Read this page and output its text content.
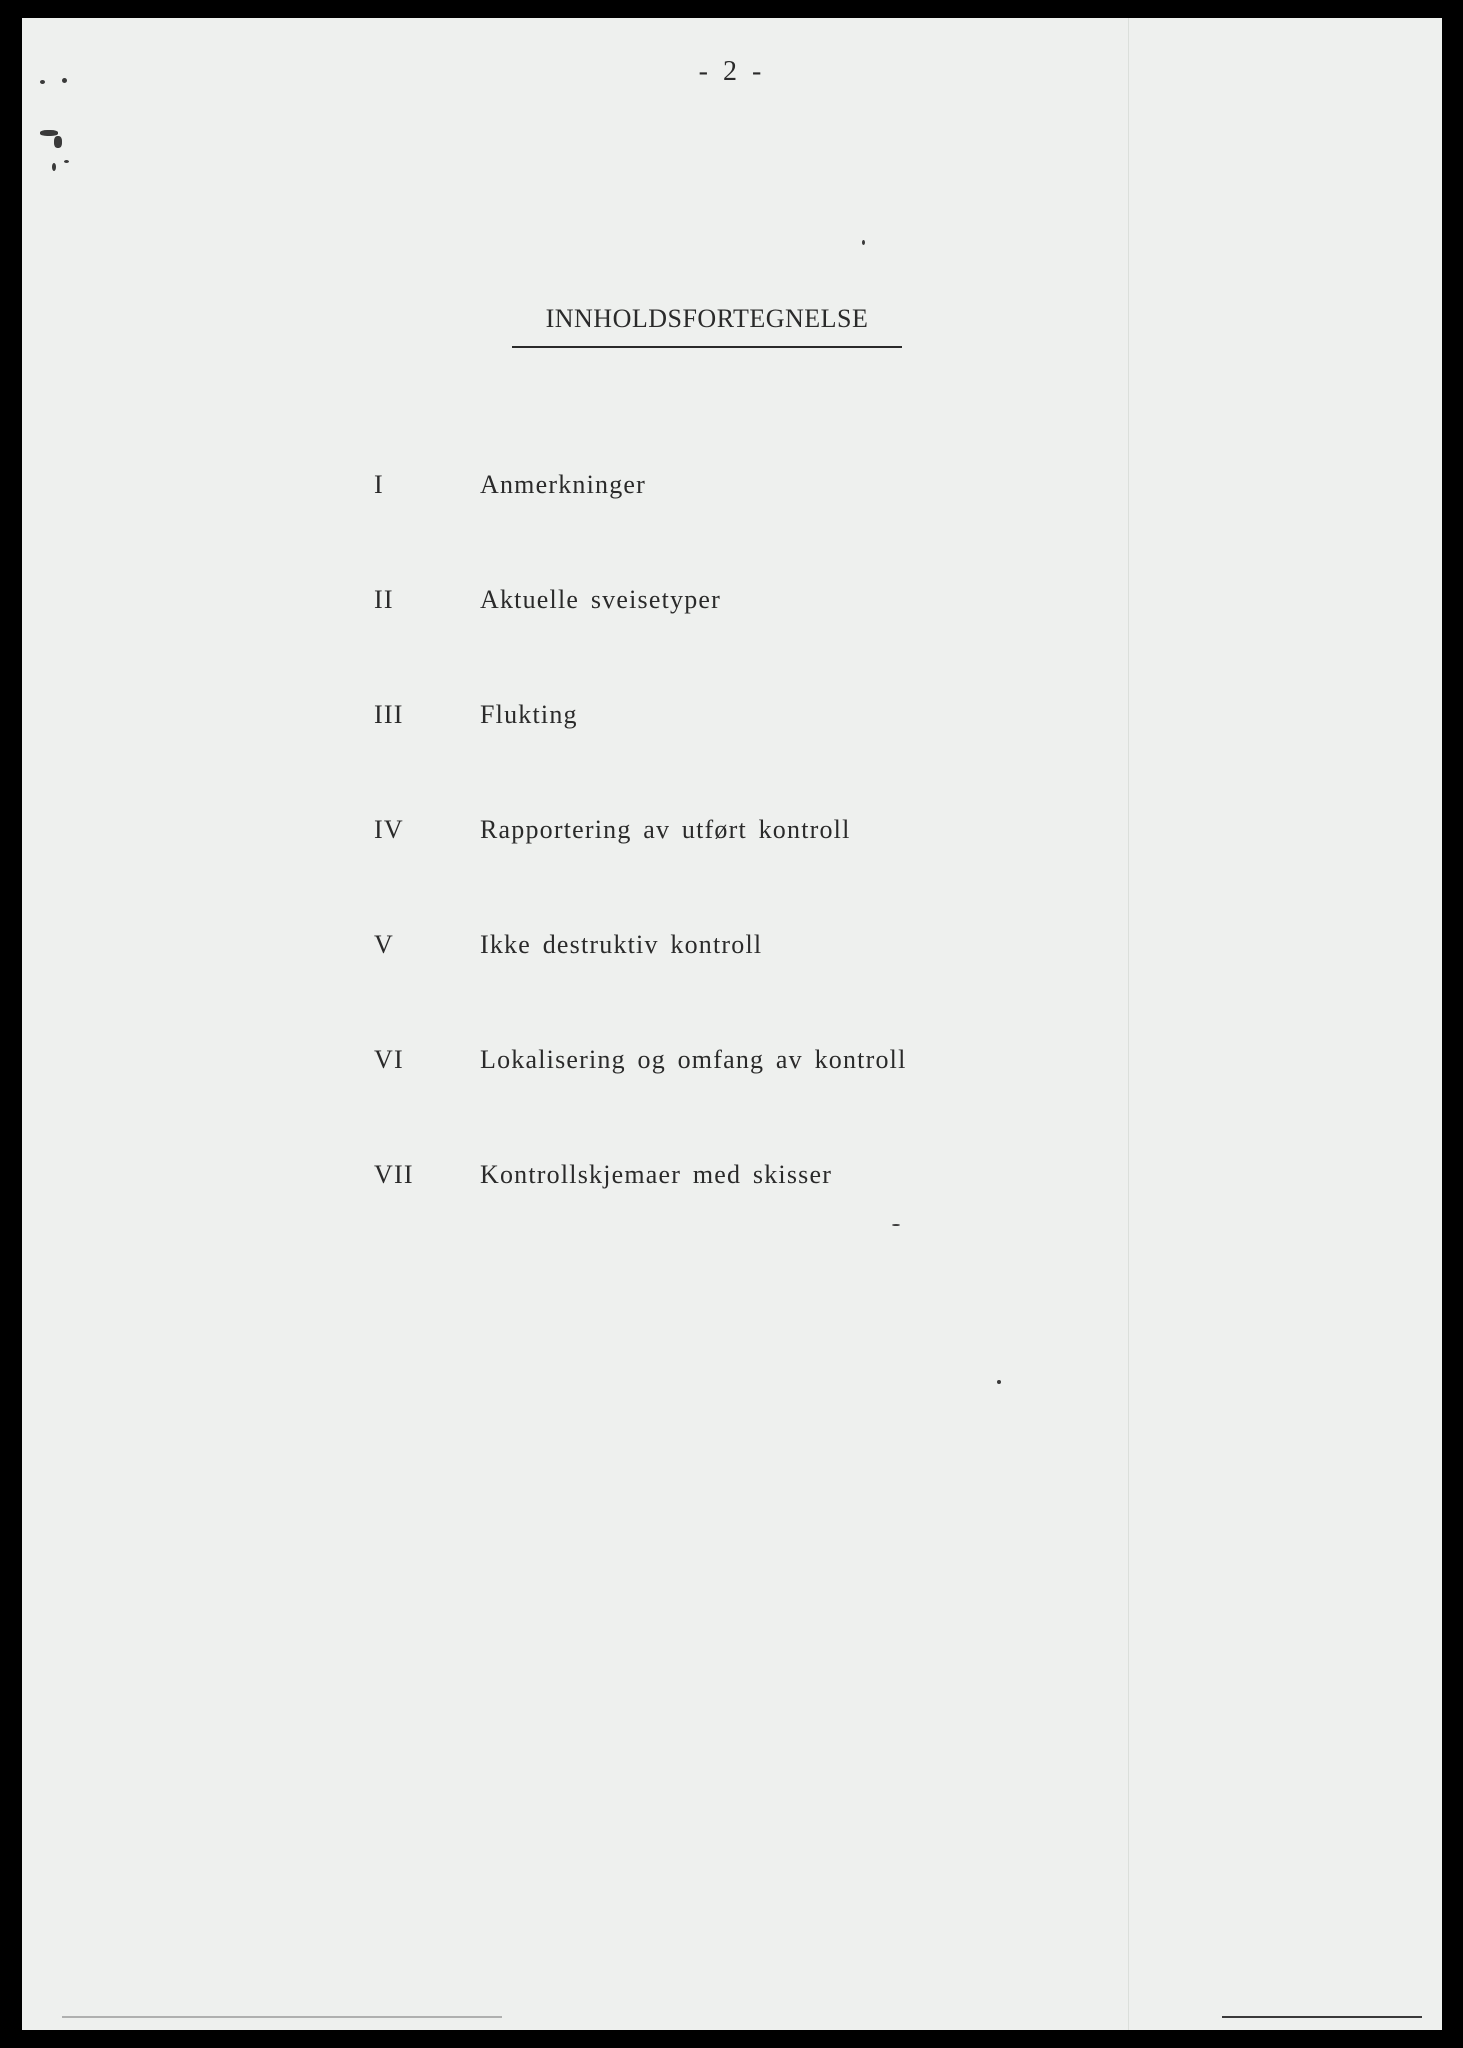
- 2 -
INNHOLDSFORTEGNELSE
I	Anmerkninger
II	Aktuelle sveisetyper
III	Flukting
IV	Rapportering av utført kontroll
V	Ikke destruktiv kontroll
VI	Lokalisering og omfang av kontroll
VII	Kontrollskjemaer med skisser
